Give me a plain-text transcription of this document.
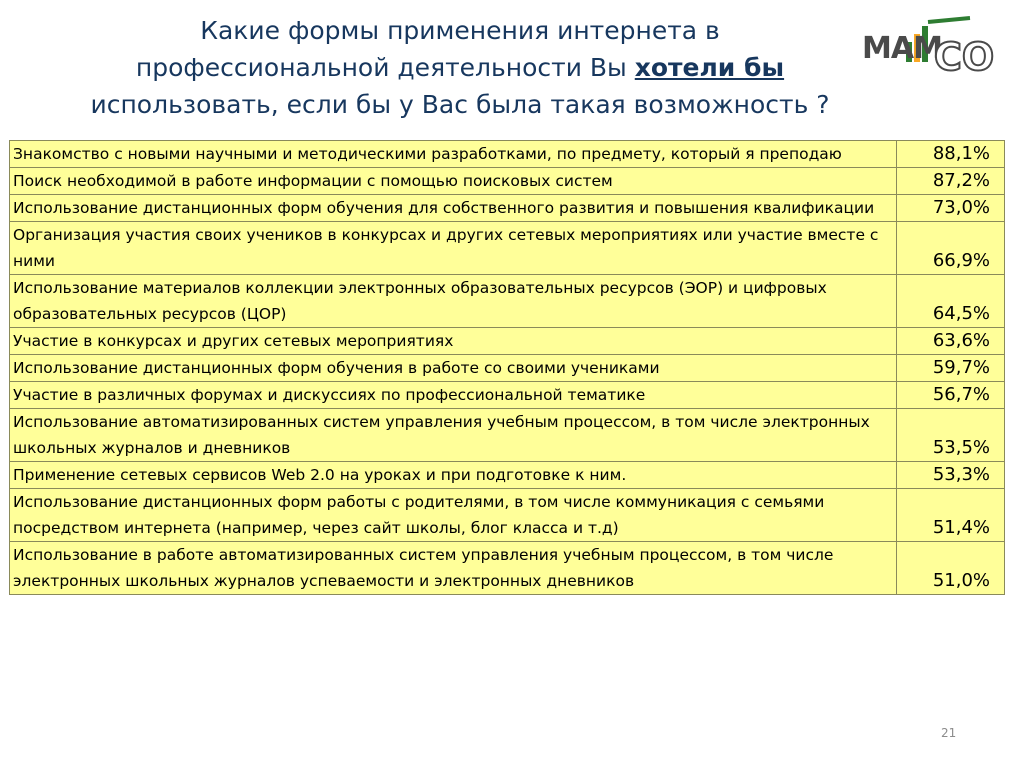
Какие формы применения интернета в
профессиональной деятельности Вы хотели бы
использовать, если бы у Вас была такая возможность ?
МАМ
СО
Знакомство с новыми научными и методическими разработками, по предмету, который я преподаю	88,1%
Поиск необходимой в работе информации с помощью поисковых систем	87,2%
Использование дистанционных форм обучения для собственного развития и повышения квалификации	73,0%
Организация участия своих учеников в конкурсах и других сетевых мероприятиях или участие вместе с ними	66,9%
Использование материалов коллекции электронных образовательных ресурсов (ЭОР) и цифровых образовательных ресурсов (ЦОР)	64,5%
Участие в конкурсах и других сетевых мероприятиях	63,6%
Использование дистанционных форм обучения в работе со своими учениками	59,7%
Участие в различных форумах и дискуссиях по профессиональной тематике	56,7%
Использование автоматизированных систем управления учебным процессом, в том числе электронных школьных журналов и дневников	53,5%
Применение сетевых сервисов Web 2.0 на уроках и при подготовке к ним.	53,3%
Использование дистанционных форм работы с родителями, в том числе коммуникация с семьями посредством интернета (например, через сайт школы, блог класса и т.д)	51,4%
Использование в работе автоматизированных систем управления учебным процессом, в том числе электронных школьных журналов успеваемости и электронных дневников	51,0%
21
